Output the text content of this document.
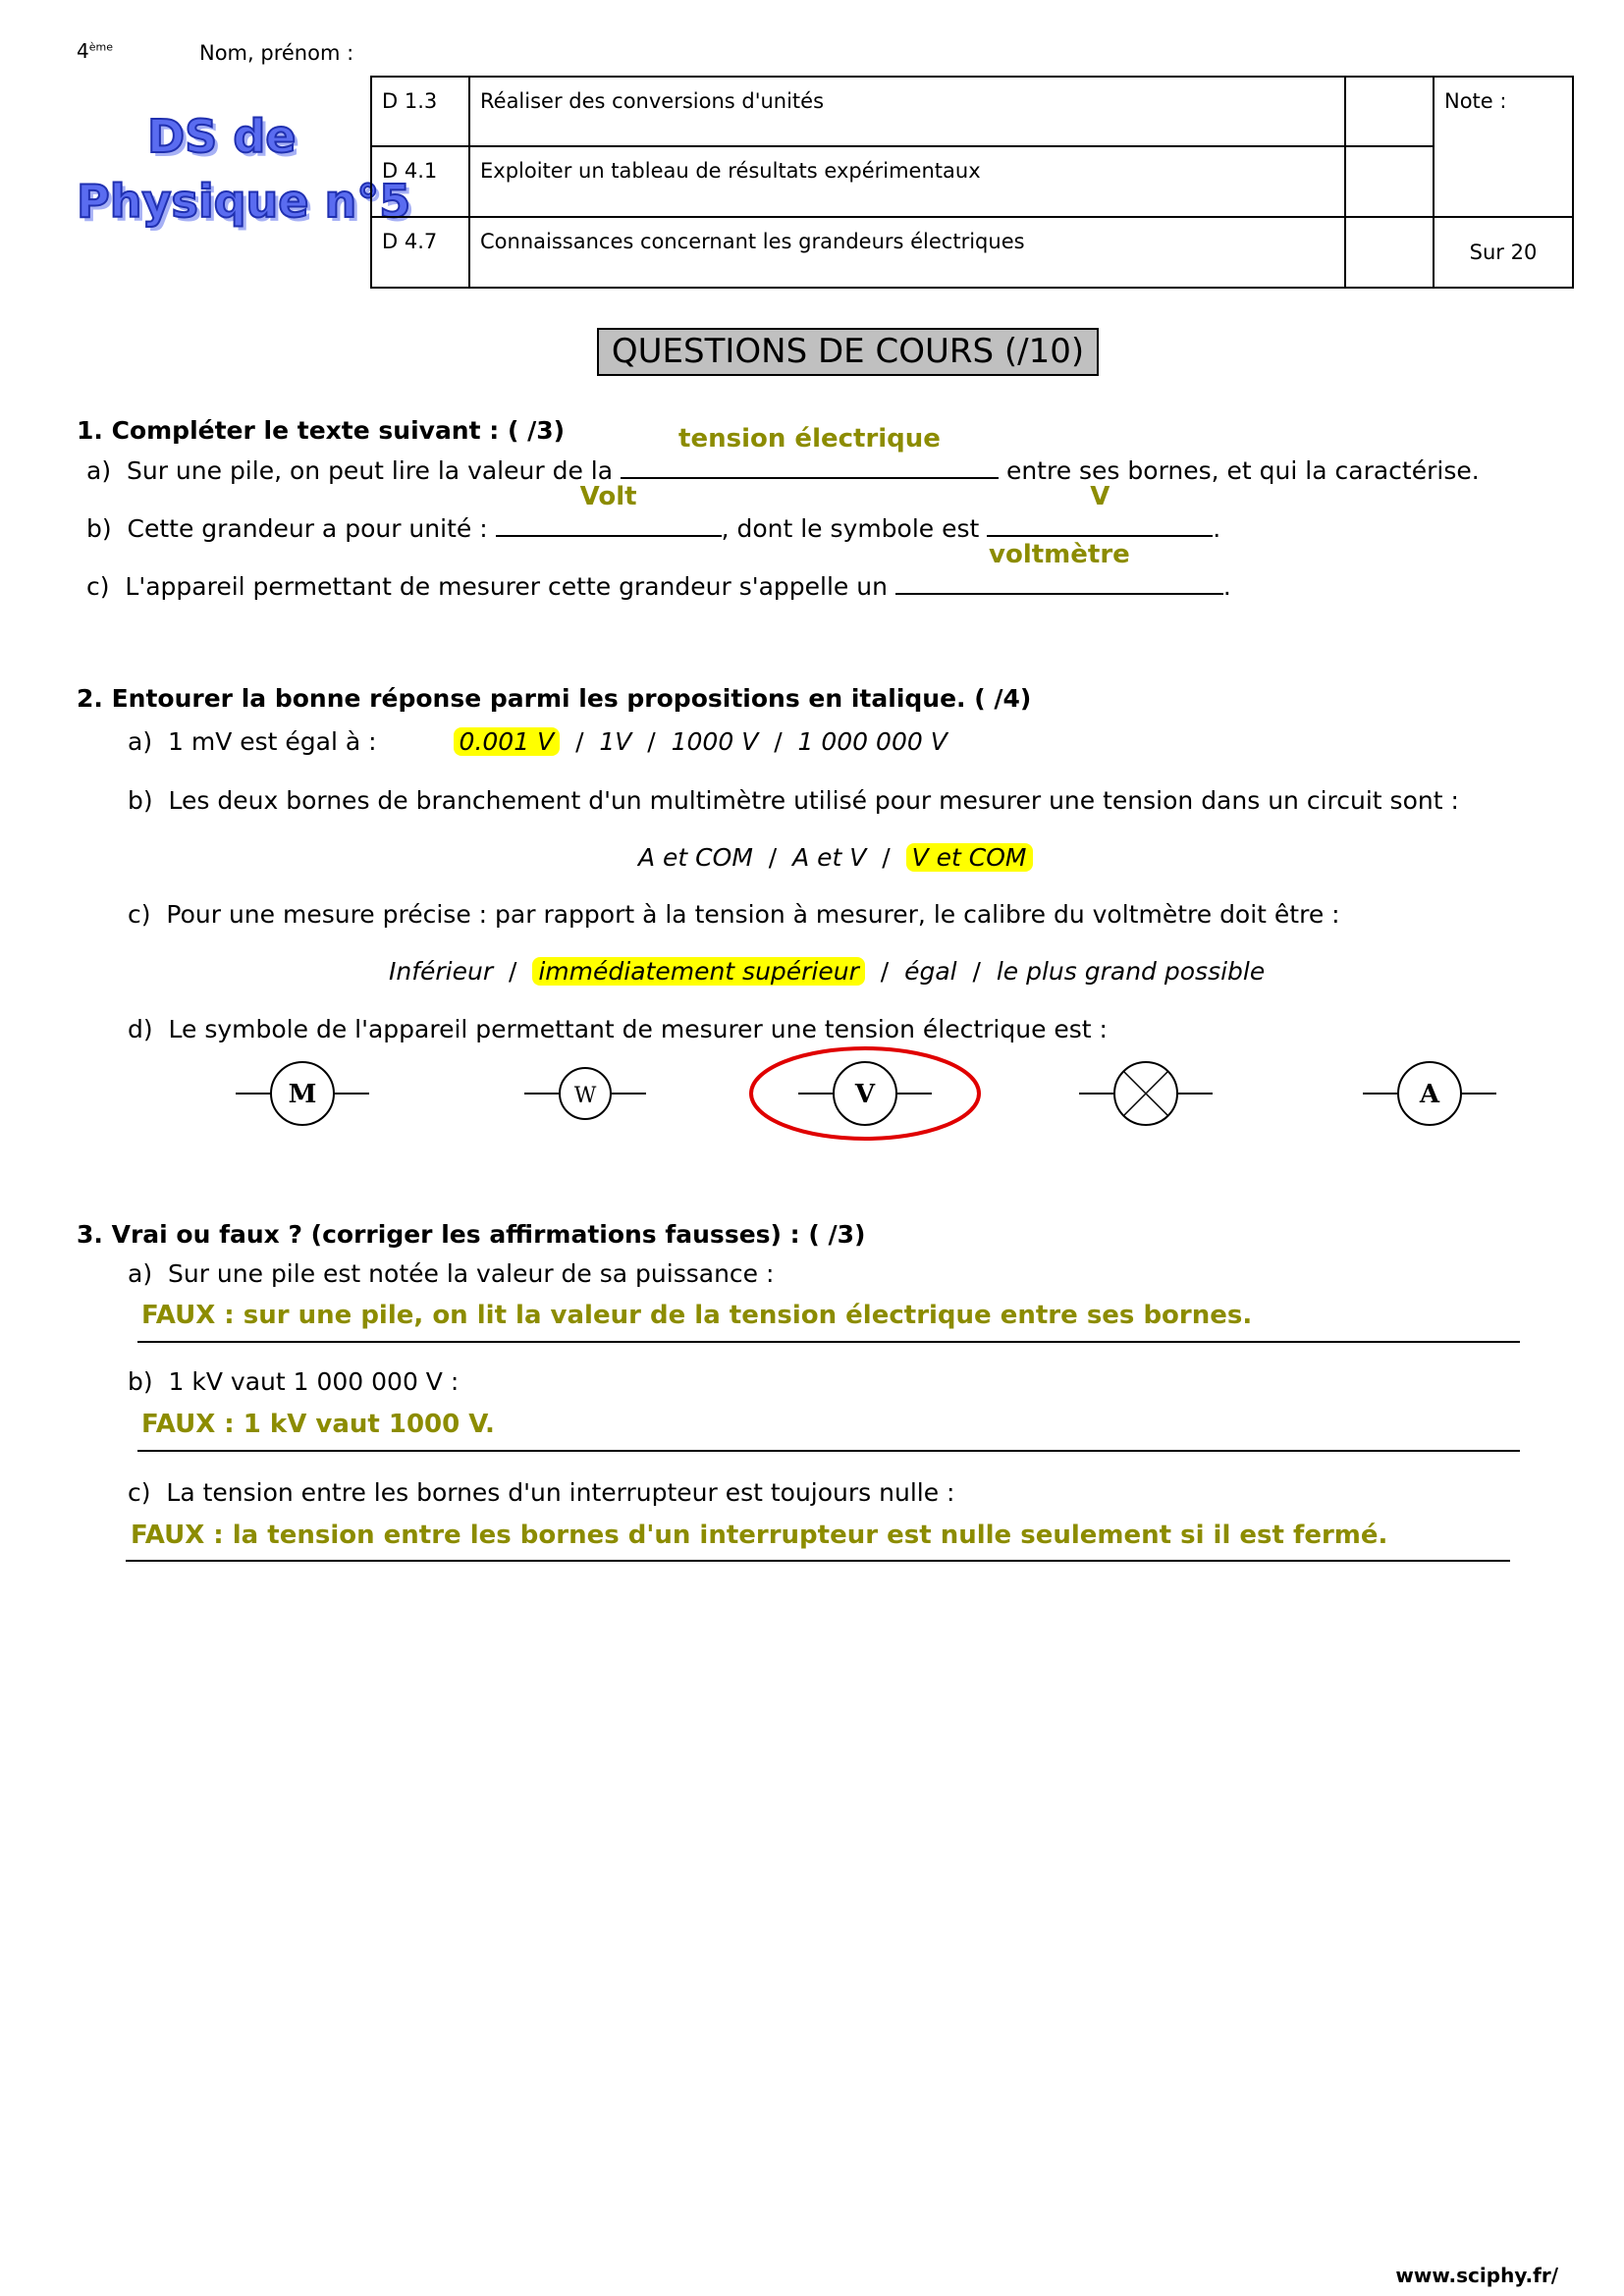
4ème	Nom, prénom :
DS de
Physique n°5
D 1.3	Réaliser des conversions d'unités		Note :
D 4.1	Exploiter un tableau de résultats expérimentaux		
D 4.7	Connaissances concernant les grandeurs électriques		Sur 20
QUESTIONS DE COURS (/10)
1. Compléter le texte suivant : ( /3)
a) Sur une pile, on peut lire la valeur de la
tension électrique
entre ses bornes, et qui la caractérise.
b) Cette grandeur a pour unité :
Volt
, dont le symbole est
V
.
c) L'appareil permettant de mesurer cette grandeur s'appelle un
voltmètre
.
2. Entourer la bonne réponse parmi les propositions en italique. ( /4)
a) 1 mV est égal à :	0.001 V  /  1V  /  1000 V  /  1 000 000 V
b) Les deux bornes de branchement d'un multimètre utilisé pour mesurer une tension dans un circuit sont :
A et COM  /  A et V  /  V et COM
c) Pour une mesure précise : par rapport à la tension à mesurer, le calibre du voltmètre doit être :
Inférieur  /  immédiatement supérieur  /  égal  /  le plus grand possible
d) Le symbole de l'appareil permettant de mesurer une tension électrique est :
M	W	V	A
3. Vrai ou faux ? (corriger les affirmations fausses) : ( /3)
a) Sur une pile est notée la valeur de sa puissance :
FAUX : sur une pile, on lit la valeur de la tension électrique entre ses bornes.
b) 1 kV vaut 1 000 000 V :
FAUX : 1 kV vaut 1000 V.
c) La tension entre les bornes d'un interrupteur est toujours nulle :
FAUX : la tension entre les bornes d'un interrupteur est nulle seulement si il est fermé.
www.sciphy.fr/
